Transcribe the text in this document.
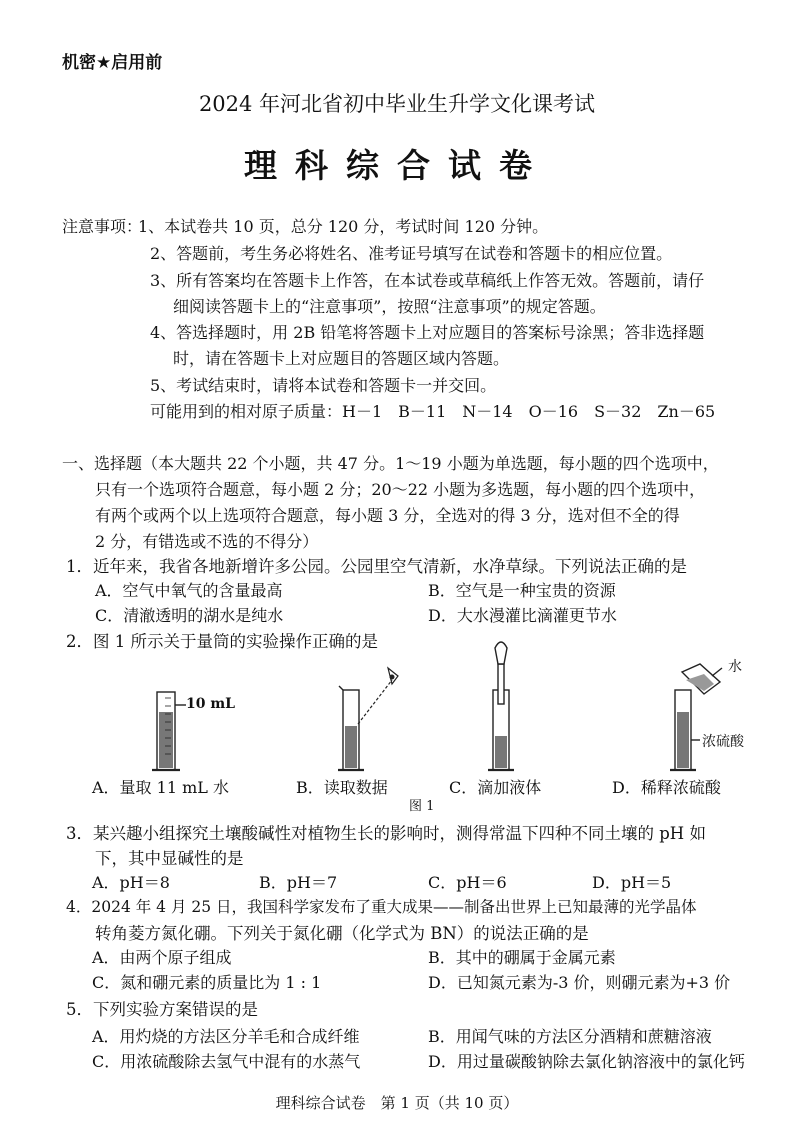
机密★启用前
2024 年河北省初中毕业生升学文化课考试
理科综合试卷
注意事项：
1、本试卷共 10 页，总分 120 分，考试时间 120 分钟。
2、答题前，考生务必将姓名、准考证号填写在试卷和答题卡的相应位置。
3、所有答案均在答题卡上作答，在本试卷或草稿纸上作答无效。答题前，请仔
细阅读答题卡上的“注意事项”，按照“注意事项”的规定答题。
4、答选择题时，用 2B 铅笔将答题卡上对应题目的答案标号涂黑；答非选择题
时，请在答题卡上对应题目的答题区域内答题。
5、考试结束时，请将本试卷和答题卡一并交回。
可能用到的相对原子质量：H－1　B－11　N－14　O－16　S－32　Zn－65
一、选择题（本大题共 22 个小题，共 47 分。1～19 小题为单选题，每小题的四个选项中，
只有一个选项符合题意，每小题 2 分；20～22 小题为多选题，每小题的四个选项中，
有两个或两个以上选项符合题意，每小题 3 分，全选对的得 3 分，选对但不全的得
2 分，有错选或不选的不得分）
1．近年来，我省各地新增许多公园。公园里空气清新，水净草绿。下列说法正确的是
A．空气中氧气的含量最高	B．空气是一种宝贵的资源
C．清澈透明的湖水是纯水	D．大水漫灌比滴灌更节水
2．图 1 所示关于量筒的实验操作正确的是
10 mL
水
浓硫酸
A．量取 11 mL 水	B．读取数据	C．滴加液体	D．稀释浓硫酸
图 1
3．某兴趣小组探究土壤酸碱性对植物生长的影响时，测得常温下四种不同土壤的 pH 如
下，其中显碱性的是
A．pH＝8	B．pH＝7	C．pH＝6	D．pH＝5
4．2024 年 4 月 25 日，我国科学家发布了重大成果——制备出世界上已知最薄的光学晶体
转角菱方氮化硼。下列关于氮化硼（化学式为 BN）的说法正确的是
A．由两个原子组成	B．其中的硼属于金属元素
C．氮和硼元素的质量比为 1 : 1	D．已知氮元素为-3 价，则硼元素为+3 价
5．下列实验方案错误的是
A．用灼烧的方法区分羊毛和合成纤维	B．用闻气味的方法区分酒精和蔗糖溶液
C．用浓硫酸除去氢气中混有的水蒸气	D．用过量碳酸钠除去氯化钠溶液中的氯化钙
理科综合试卷　第 1 页（共 10 页）
